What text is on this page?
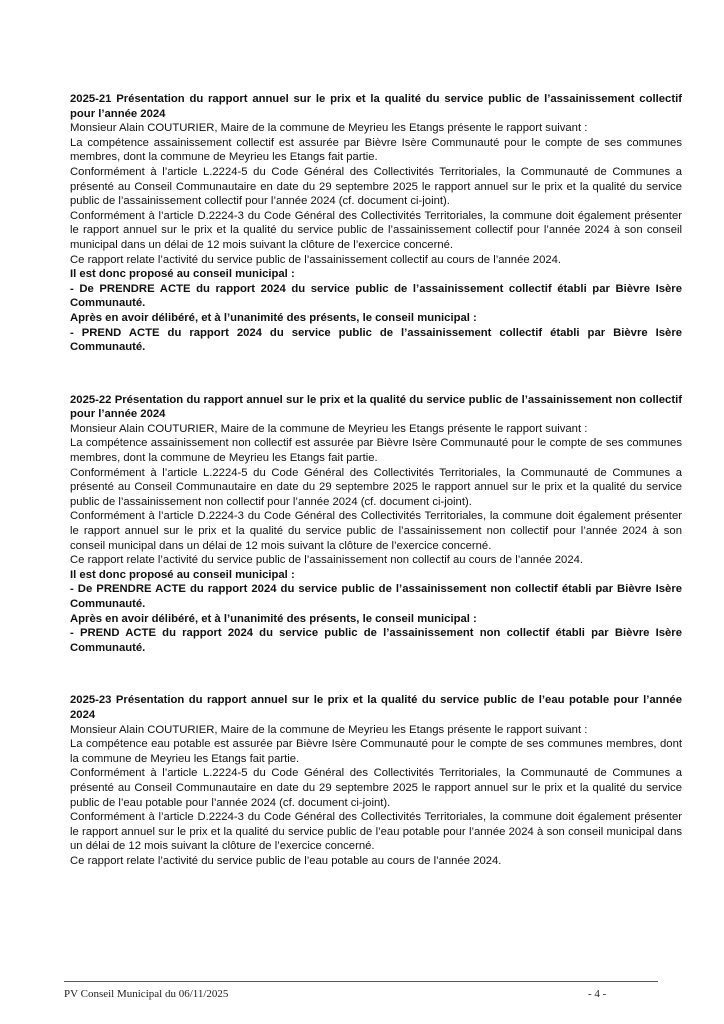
2025-21 Présentation du rapport annuel sur le prix et la qualité du service public de l’assainissement collectif pour l’année 2024

Monsieur Alain COUTURIER, Maire de la commune de Meyrieu les Etangs présente le rapport suivant :

La compétence assainissement collectif est assurée par Bièvre Isère Communauté pour le compte de ses communes membres, dont la commune de Meyrieu les Etangs fait partie.

Conformément à l’article L.2224-5 du Code Général des Collectivités Territoriales, la Communauté de Communes a présenté au Conseil Communautaire en date du 29 septembre 2025 le rapport annuel sur le prix et la qualité du service public de l’assainissement collectif pour l’année 2024 (cf. document ci-joint).

Conformément à l’article D.2224-3 du Code Général des Collectivités Territoriales, la commune doit également présenter le rapport annuel sur le prix et la qualité du service public de l’assainissement collectif pour l’année 2024 à son conseil municipal dans un délai de 12 mois suivant la clôture de l’exercice concerné.

Ce rapport relate l’activité du service public de l’assainissement collectif au cours de l’année 2024.

Il est donc proposé au conseil municipal :

- De PRENDRE ACTE du rapport 2024 du service public de l’assainissement collectif établi par Bièvre Isère Communauté.

Après en avoir délibéré, et à l’unanimité des présents, le conseil municipal :

- PREND ACTE du rapport 2024 du service public de l’assainissement collectif établi par Bièvre Isère Communauté.

2025-22 Présentation du rapport annuel sur le prix et la qualité du service public de l’assainissement non collectif pour l’année 2024

Monsieur Alain COUTURIER, Maire de la commune de Meyrieu les Etangs présente le rapport suivant :

La compétence assainissement non collectif est assurée par Bièvre Isère Communauté pour le compte de ses communes membres, dont la commune de Meyrieu les Etangs fait partie.

Conformément à l’article L.2224-5 du Code Général des Collectivités Territoriales, la Communauté de Communes a présenté au Conseil Communautaire en date du 29 septembre 2025 le rapport annuel sur le prix et la qualité du service public de l’assainissement non collectif pour l’année 2024 (cf. document ci-joint).

Conformément à l’article D.2224-3 du Code Général des Collectivités Territoriales, la commune doit également présenter le rapport annuel sur le prix et la qualité du service public de l’assainissement non collectif pour l’année 2024 à son conseil municipal dans un délai de 12 mois suivant la clôture de l’exercice concerné.

Ce rapport relate l’activité du service public de l’assainissement non collectif au cours de l’année 2024.

Il est donc proposé au conseil municipal :

- De PRENDRE ACTE du rapport 2024 du service public de l’assainissement non collectif établi par Bièvre Isère Communauté.

Après en avoir délibéré, et à l’unanimité des présents, le conseil municipal :

- PREND ACTE du rapport 2024 du service public de l’assainissement non collectif établi par Bièvre Isère Communauté.

2025-23 Présentation du rapport annuel sur le prix et la qualité du service public de l’eau potable pour l’année 2024

Monsieur Alain COUTURIER, Maire de la commune de Meyrieu les Etangs présente le rapport suivant :

La compétence eau potable est assurée par Bièvre Isère Communauté pour le compte de ses communes membres, dont la commune de Meyrieu les Etangs fait partie.

Conformément à l’article L.2224-5 du Code Général des Collectivités Territoriales, la Communauté de Communes a présenté au Conseil Communautaire en date du 29 septembre 2025 le rapport annuel sur le prix et la qualité du service public de l’eau potable pour l’année 2024 (cf. document ci-joint).

Conformément à l’article D.2224-3 du Code Général des Collectivités Territoriales, la commune doit également présenter le rapport annuel sur le prix et la qualité du service public de l’eau potable pour l’année 2024 à son conseil municipal dans un délai de 12 mois suivant la clôture de l’exercice concerné.

Ce rapport relate l’activité du service public de l’eau potable au cours de l’année 2024.

PV Conseil Municipal du 06/11/2025	- 4 -
